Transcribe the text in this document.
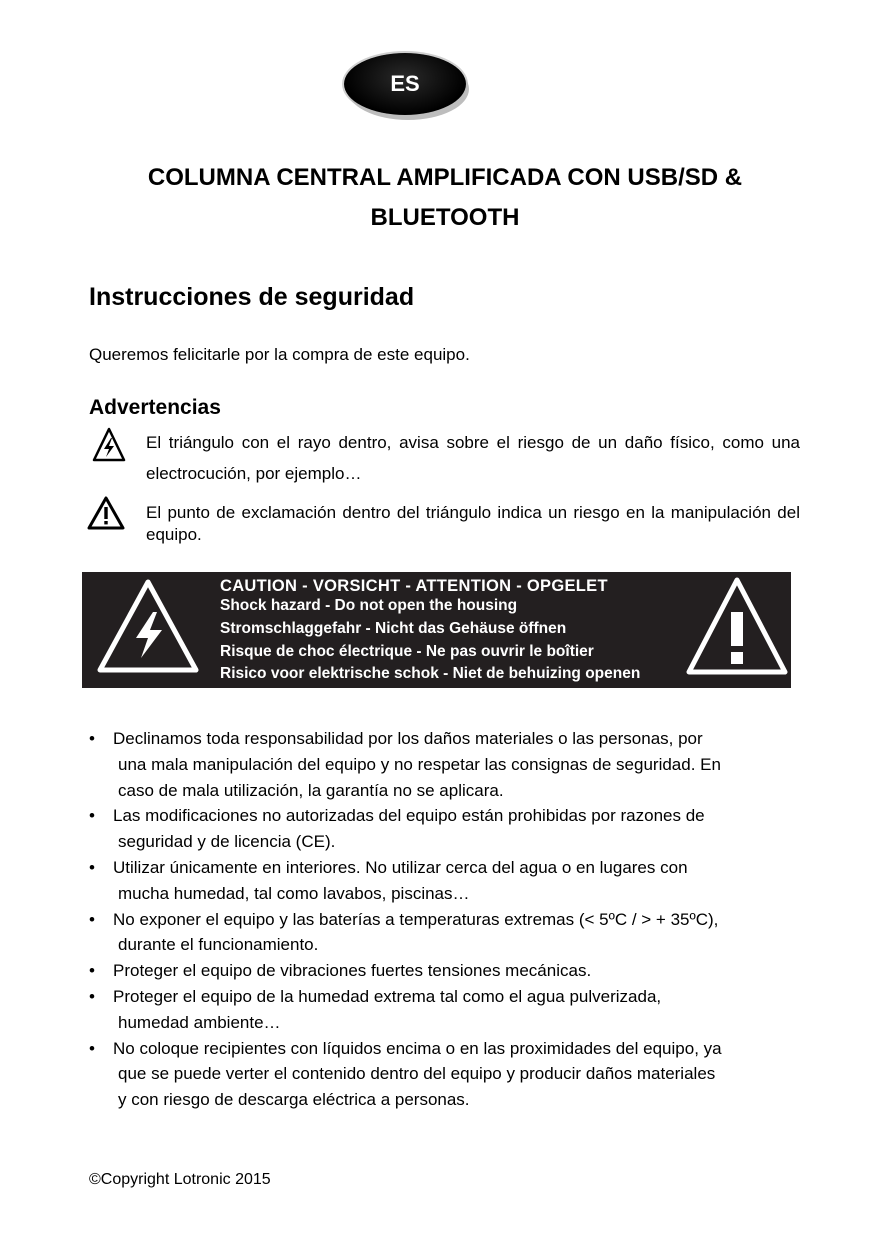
ES
COLUMNA CENTRAL AMPLIFICADA CON USB/SD &
BLUETOOTH
Instrucciones de seguridad

Queremos felicitarle por la compra de este equipo.

Advertencias

El triángulo con el rayo dentro, avisa sobre el riesgo de un daño físico, como una electrocución, por ejemplo…

El punto de exclamación dentro del triángulo indica un riesgo en la manipulación del equipo.

CAUTION - VORSICHT - ATTENTION - OPGELET
Shock hazard - Do not open the housing
Stromschlaggefahr - Nicht das Gehäuse öffnen
Risque de choc électrique - Ne pas ouvrir le boîtier
Risico voor elektrische schok - Niet de behuizing openen
• Declinamos toda responsabilidad por los daños materiales o las personas, por
una mala manipulación del equipo y no respetar las consignas de seguridad. En
caso de mala utilización, la garantía no se aplicara.
• Las modificaciones no autorizadas del equipo están prohibidas por razones de
seguridad y de licencia (CE).
• Utilizar únicamente en interiores. No utilizar cerca del agua o en lugares con
mucha humedad, tal como lavabos, piscinas…
• No exponer el equipo y las baterías a temperaturas extremas (< 5ºC / > + 35ºC),
durante el funcionamiento.
• Proteger el equipo de vibraciones fuertes tensiones mecánicas.
• Proteger el equipo de la humedad extrema tal como el agua pulverizada,
humedad ambiente…
• No coloque recipientes con líquidos encima o en las proximidades del equipo, ya
que se puede verter el contenido dentro del equipo y producir daños materiales
y con riesgo de descarga eléctrica a personas.

©Copyright Lotronic 2015
